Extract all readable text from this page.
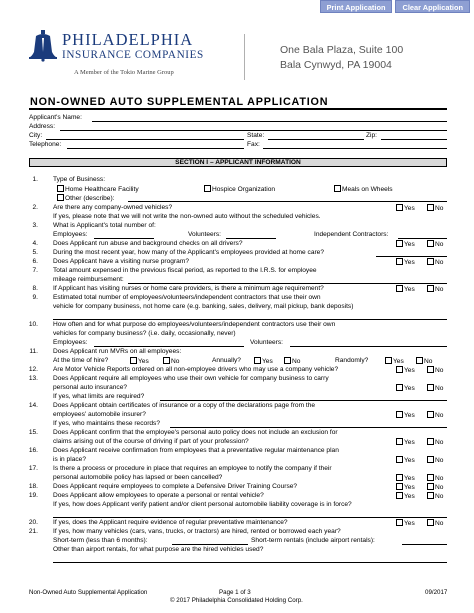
Print Application	Clear Application
PHILADELPHIA
INSURANCE COMPANIES
A Member of the Tokio Marine Group
One Bala Plaza, Suite 100
Bala Cynwyd, PA 19004
NON-OWNED AUTO SUPPLEMENTAL APPLICATION
Applicant's Name:
Address:
City:	State:	Zip:
Telephone:	Fax:
SECTION I – APPLICANT INFORMATION
1. Type of Business:
Home Healthcare Facility	Hospice Organization	Meals on Wheels
Other (describe):
2. Are there any company-owned vehicles?	Yes	No
If yes, please note that we will not write the non-owned auto without the scheduled vehicles.
3. What is Applicant's total number of:
Employees:	Volunteers:	Independent Contractors:
4. Does Applicant run abuse and background checks on all drivers?	Yes	No
5. During the most recent year, how many of the Applicant's employees provided at home care?
6. Does Applicant have a visiting nurse program?	Yes	No
7. Total amount expensed in the previous fiscal period, as reported to the I.R.S. for employee
mileage reimbursement:
8. If Applicant has visiting nurses or home care providers, is there a minimum age requirement?	Yes	No
9. Estimated total number of employees/volunteers/independent contractors that use their own
vehicle for company business, not home care (e.g. banking, sales, delivery, mail pickup, bank deposits)
10. How often and for what purpose do employees/volunteers/independent contractors use their own
vehicles for company business? (i.e. daily, occasionally, never)
Employees:	Volunteers:
11. Does Applicant run MVRs on all employees:
At the time of hire?	Yes	No	Annually?	Yes	No	Randomly?	Yes	No
12. Are Motor Vehicle Reports ordered on all non-employee drivers who may use a company vehicle?	Yes	No
13. Does Applicant require all employees who use their own vehicle for company business to carry
personal auto insurance?	Yes	No
If yes, what limits are required?
14. Does Applicant obtain certificates of insurance or a copy of the declarations page from the
employees' automobile insurer?	Yes	No
If yes, who maintains these records?
15. Does Applicant confirm that the employee's personal auto policy does not include an exclusion for
claims arising out of the course of driving if part of your profession?	Yes	No
16. Does Applicant receive confirmation from employees that a preventative regular maintenance plan
is in place?	Yes	No
17. Is there a process or procedure in place that requires an employee to notify the company if their
personal automobile policy has lapsed or been cancelled?	Yes	No
18. Does Applicant require employees to complete a Defensive Driver Training Course?	Yes	No
19. Does Applicant allow employees to operate a personal or rental vehicle?	Yes	No
If yes, how does Applicant verify patient and/or client personal automobile liability coverage is in force?
20. If yes, does the Applicant require evidence of regular preventative maintenance?	Yes	No
21. If yes, how many vehicles (cars, vans, trucks, or tractors) are hired, rented or borrowed each year?
Short-term (less than 6 months):	Short-term rentals (include airport rentals):
Other than airport rentals, for what purpose are the hired vehicles used?
Non-Owned Auto Supplemental Application	Page 1 of 3
© 2017 Philadelphia Consolidated Holding Corp.
09/2017
